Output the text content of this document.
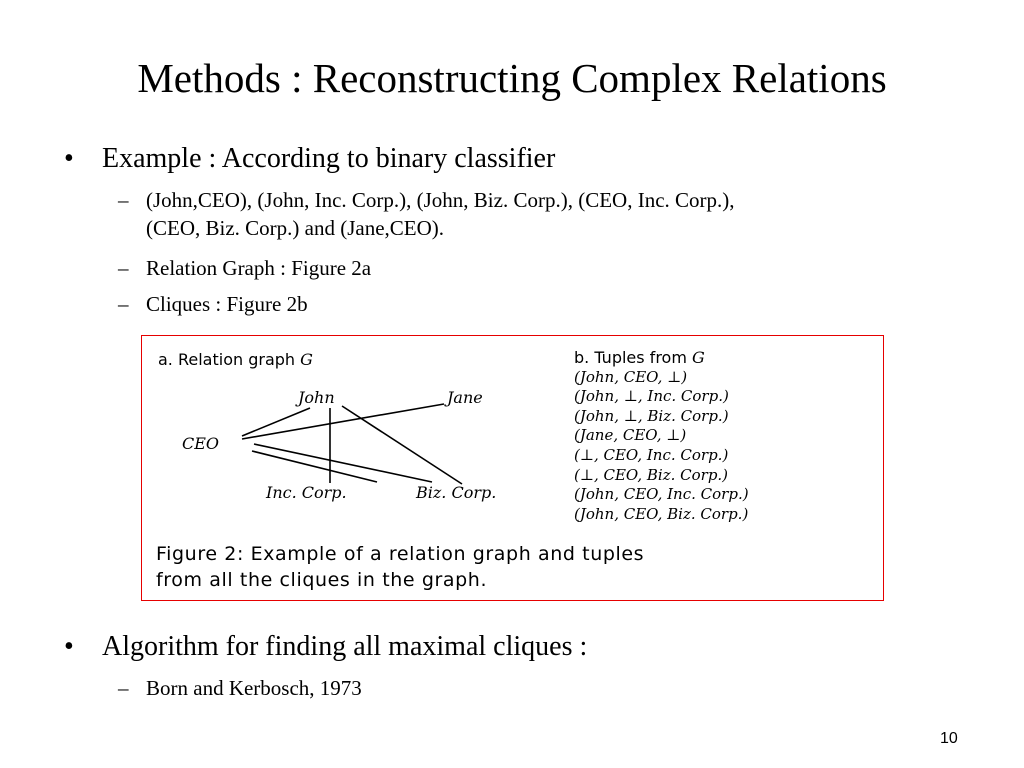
Methods : Reconstructing Complex Relations
•	Example : According to binary classifier
– (John,CEO), (John, Inc. Corp.), (John, Biz. Corp.), (CEO, Inc. Corp.),
(CEO, Biz. Corp.) and (Jane,CEO).
– Relation Graph : Figure 2a
– Cliques : Figure 2b
a. Relation graph G
John	Jane
CEO
Inc. Corp.	Biz. Corp.
b. Tuples from G
(John, CEO, ⊥)
(John, ⊥, Inc. Corp.)
(John, ⊥, Biz. Corp.)
(Jane, CEO, ⊥)
(⊥, CEO, Inc. Corp.)
(⊥, CEO, Biz. Corp.)
(John, CEO, Inc. Corp.)
(John, CEO, Biz. Corp.)
Figure 2: Example of a relation graph and tuples
from all the cliques in the graph.
•	Algorithm for finding all maximal cliques :
– Born and Kerbosch, 1973
10
